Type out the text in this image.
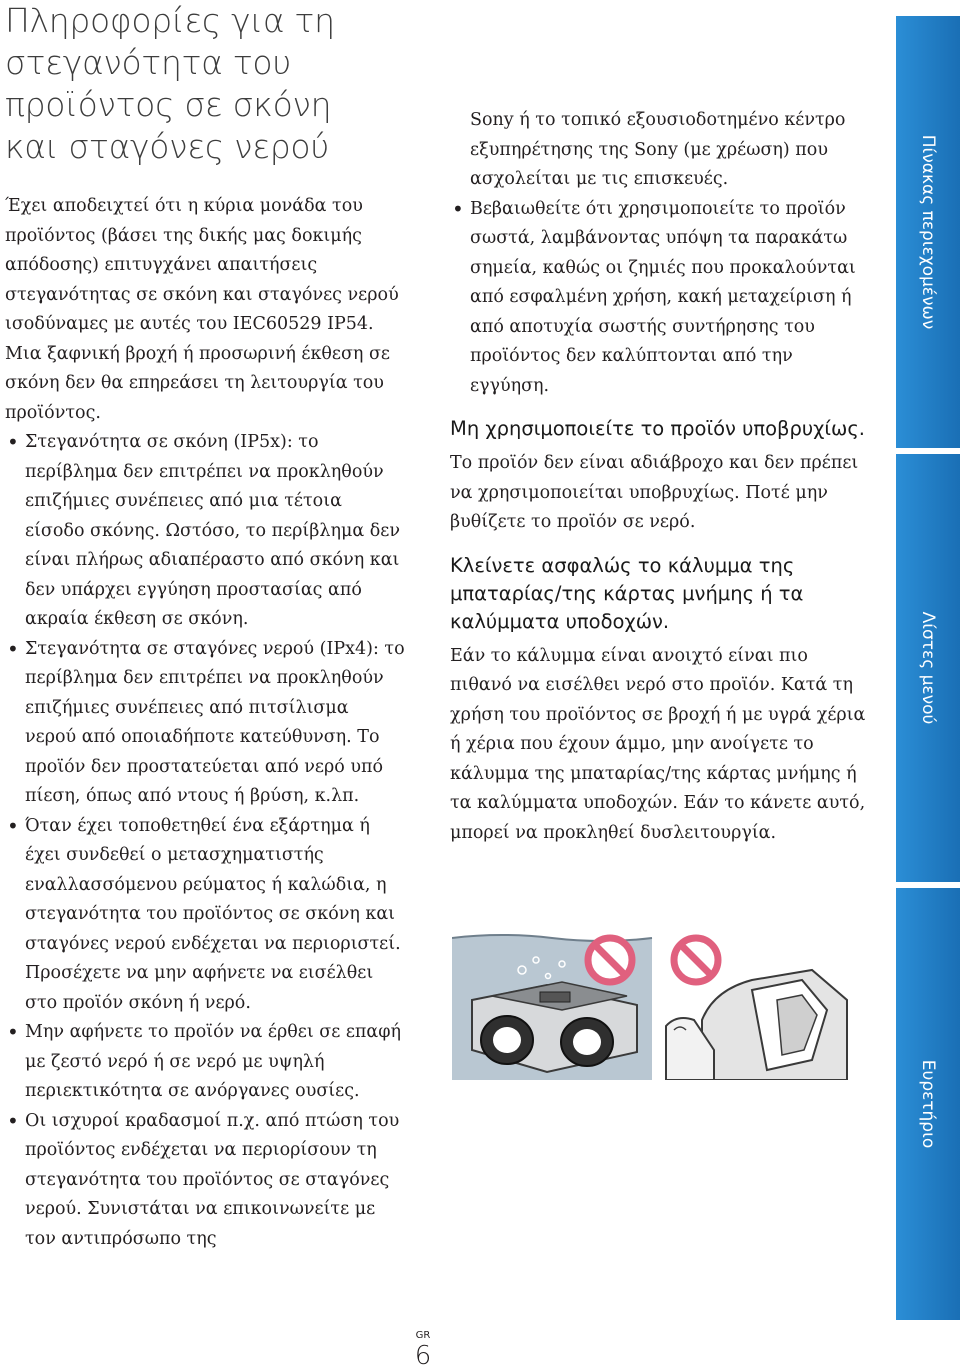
Πληροφορίες για τη
στεγανότητα του
προϊόντος σε σκόνη
και σταγόνες νερού

Έχει αποδειχτεί ότι η κύρια μονάδα του προϊόντος (βάσει της δικής μας δοκιμής απόδοσης) επιτυγχάνει απαιτήσεις στεγανότητας σε σκόνη και σταγόνες νερού ισοδύναμες με αυτές του IEC60529 IP54. Μια ξαφνική βροχή ή προσωρινή έκθεση σε σκόνη δεν θα επηρεάσει τη λειτουργία του προϊόντος.

• Στεγανότητα σε σκόνη (IP5x): το περίβλημα δεν επιτρέπει να προκληθούν επιζήμιες συνέπειες από μια τέτοια είσοδο σκόνης. Ωστόσο, το περίβλημα δεν είναι πλήρως αδιαπέραστο από σκόνη και δεν υπάρχει εγγύηση προστασίας από ακραία έκθεση σε σκόνη.
• Στεγανότητα σε σταγόνες νερού (IPx4): το περίβλημα δεν επιτρέπει να προκληθούν επιζήμιες συνέπειες από πιτσίλισμα νερού από οποιαδήποτε κατεύθυνση. Το προϊόν δεν προστατεύεται από νερό υπό πίεση, όπως από ντους ή βρύση, κ.λπ.
• Όταν έχει τοποθετηθεί ένα εξάρτημα ή έχει συνδεθεί ο μετασχηματιστής εναλλασσόμενου ρεύματος ή καλώδια, η στεγανότητα του προϊόντος σε σκόνη και σταγόνες νερού ενδέχεται να περιοριστεί. Προσέχετε να μην αφήνετε να εισέλθει στο προϊόν σκόνη ή νερό.
• Μην αφήνετε το προϊόν να έρθει σε επαφή με ζεστό νερό ή σε νερό με υψηλή περιεκτικότητα σε ανόργανες ουσίες.
• Οι ισχυροί κραδασμοί π.χ. από πτώση του προϊόντος ενδέχεται να περιορίσουν τη στεγανότητα του προϊόντος σε σταγόνες νερού. Συνιστάται να επικοινωνείτε με τον αντιπρόσωπο της

Sony ή το τοπικό εξουσιοδοτημένο κέντρο εξυπηρέτησης της Sony (με χρέωση) που ασχολείται με τις επισκευές.

• Βεβαιωθείτε ότι χρησιμοποιείτε το προϊόν σωστά, λαμβάνοντας υπόψη τα παρακάτω σημεία, καθώς οι ζημιές που προκαλούνται από εσφαλμένη χρήση, κακή μεταχείριση ή από αποτυχία σωστής συντήρησης του προϊόντος δεν καλύπτονται από την εγγύηση.
Μη χρησιμοποιείτε το προϊόν υποβρυχίως.

Το προϊόν δεν είναι αδιάβροχο και δεν πρέπει να χρησιμοποιείται υποβρυχίως. Ποτέ μην βυθίζετε το προϊόν σε νερό.

Κλείνετε ασφαλώς το κάλυμμα της μπαταρίας/της κάρτας μνήμης ή τα καλύμματα υποδοχών.

Εάν το κάλυμμα είναι ανοιχτό είναι πιο πιθανό να εισέλθει νερό στο προϊόν. Κατά τη χρήση του προϊόντος σε βροχή ή με υγρά χέρια ή χέρια που έχουν άμμο, μην ανοίγετε το κάλυμμα της μπαταρίας/της κάρτας μνήμης ή τα καλύμματα υποδοχών. Εάν το κάνετε αυτό, μπορεί να προκληθεί δυσλειτουργία.

GR
6
Πίνακας περιεχομένων
Λίστες μενού
Ευρετήριο
